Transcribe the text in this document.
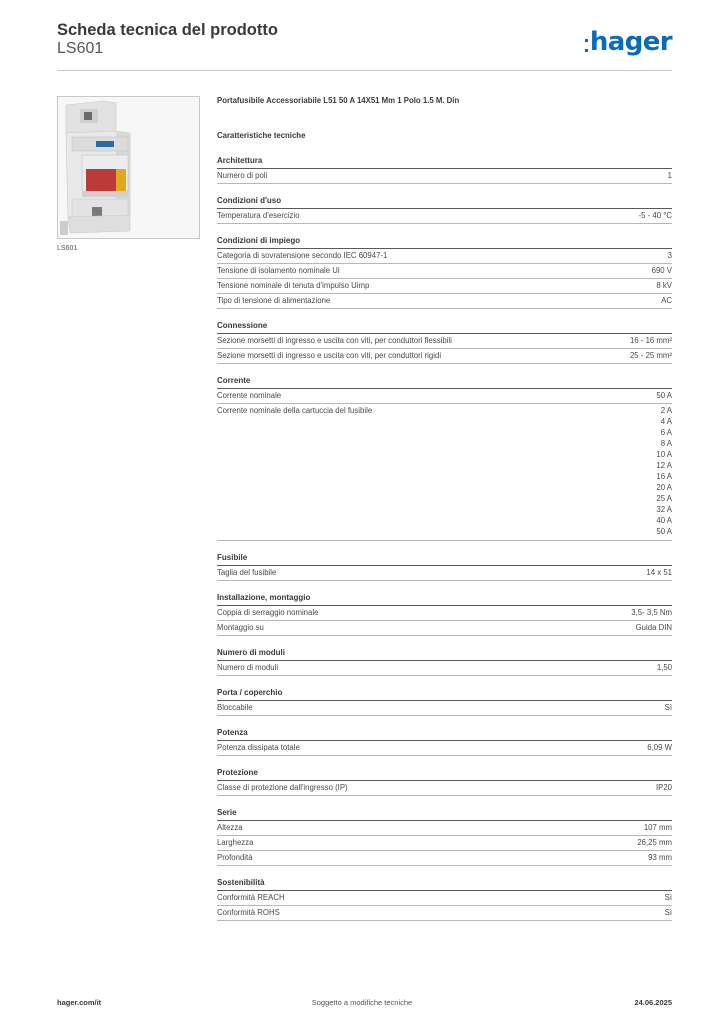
Scheda tecnica del prodotto
LS601	hager
LS601
Portafusibile Accessoriabile L51 50 A 14X51 Mm 1 Polo 1.5 M. Din
Caratteristiche tecniche
Architettura
Numero di poli	1
Condizioni d'uso
Temperatura d'esercizio	-5 - 40 °C
Condizioni di impiego
Categoria di sovratensione secondo IEC 60947-1	3
Tensione di isolamento nominale Ui	690 V
Tensione nominale di tenuta d'impulso Uimp	8 kV
Tipo di tensione di alimentazione	AC
Connessione
Sezione morsetti di ingresso e uscita con viti, per conduttori flessibili	16 - 16 mm²
Sezione morsetti di ingresso e uscita con viti, per conduttori rigidi	25 - 25 mm²
Corrente
Corrente nominale	50 A
Corrente nominale della cartuccia del fusibile	2 A
4 A
6 A
8 A
10 A
12 A
16 A
20 A
25 A
32 A
40 A
50 A
Fusibile
Taglia del fusibile	14 x 51
Installazione, montaggio
Coppia di serraggio nominale	3,5- 3,5 Nm
Montaggio su	Guida DIN
Numero di moduli
Numero di moduli	1,50
Porta / coperchio
Bloccabile	Sì
Potenza
Potenza dissipata totale	6,09 W
Protezione
Classe di protezione dall'ingresso (IP)	IP20
Serie
Altezza	107 mm
Larghezza	26,25 mm
Profondità	93 mm
Sostenibilità
Conformità REACH	Sì
Conformità ROHS	Sì
hager.com/it	Soggetto a modifiche tecniche	24.06.2025
